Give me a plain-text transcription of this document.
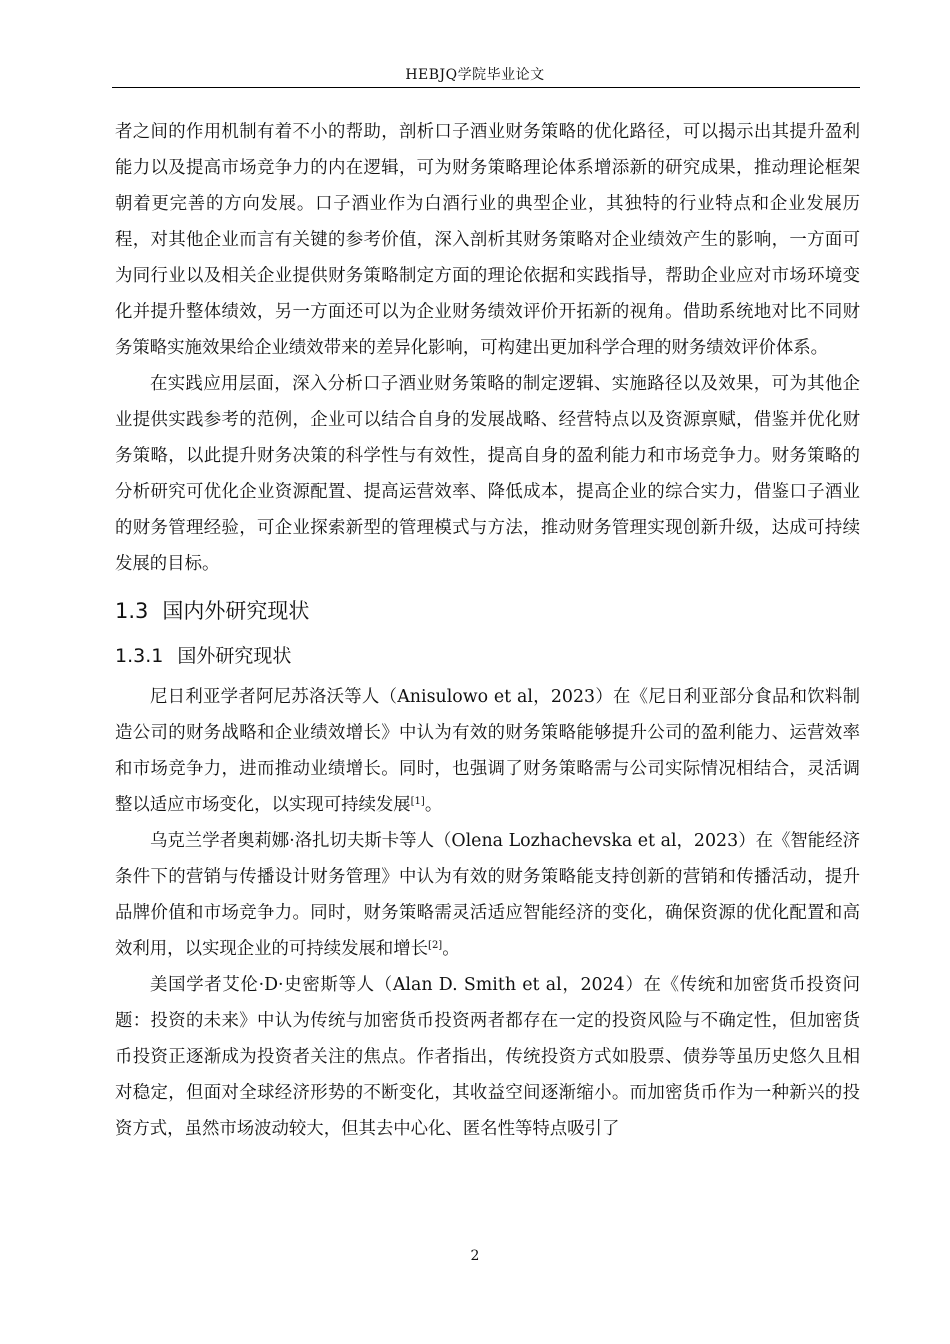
HEBJQ学院毕业论文

者之间的作用机制有着不小的帮助，剖析口子酒业财务策略的优化路径，可以揭示出其提升盈利能力以及提高市场竞争力的内在逻辑，可为财务策略理论体系增添新的研究成果，推动理论框架朝着更完善的方向发展。口子酒业作为白酒行业的典型企业，其独特的行业特点和企业发展历程，对其他企业而言有关键的参考价值，深入剖析其财务策略对企业绩效产生的影响，一方面可为同行业以及相关企业提供财务策略制定方面的理论依据和实践指导，帮助企业应对市场环境变化并提升整体绩效，另一方面还可以为企业财务绩效评价开拓新的视角。借助系统地对比不同财务策略实施效果给企业绩效带来的差异化影响，可构建出更加科学合理的财务绩效评价体系。

在实践应用层面，深入分析口子酒业财务策略的制定逻辑、实施路径以及效果，可为其他企业提供实践参考的范例，企业可以结合自身的发展战略、经营特点以及资源禀赋，借鉴并优化财务策略，以此提升财务决策的科学性与有效性，提高自身的盈利能力和市场竞争力。财务策略的分析研究可优化企业资源配置、提高运营效率、降低成本，提高企业的综合实力，借鉴口子酒业的财务管理经验，可企业探索新型的管理模式与方法，推动财务管理实现创新升级，达成可持续发展的目标。

1.3 国内外研究现状
1.3.1 国外研究现状

尼日利亚学者阿尼苏洛沃等人（Anisulowo et al，2023）在《尼日利亚部分食品和饮料制造公司的财务战略和企业绩效增长》中认为有效的财务策略能够提升公司的盈利能力、运营效率和市场竞争力，进而推动业绩增长。同时，也强调了财务策略需与公司实际情况相结合，灵活调整以适应市场变化，以实现可持续发展[1]。

乌克兰学者奥莉娜·洛扎切夫斯卡等人（Olena Lozhachevska et al，2023）在《智能经济条件下的营销与传播设计财务管理》中认为有效的财务策略能支持创新的营销和传播活动，提升品牌价值和市场竞争力。同时，财务策略需灵活适应智能经济的变化，确保资源的优化配置和高效利用，以实现企业的可持续发展和增长[2]。

美国学者艾伦·D·史密斯等人（Alan D. Smith et al，2024）在《传统和加密货币投资问题：投资的未来》中认为传统与加密货币投资两者都存在一定的投资风险与不确定性，但加密货币投资正逐渐成为投资者关注的焦点。作者指出，传统投资方式如股票、债券等虽历史悠久且相对稳定，但面对全球经济形势的不断变化，其收益空间逐渐缩小。而加密货币作为一种新兴的投资方式，虽然市场波动较大，但其去中心化、匿名性等特点吸引了

2
